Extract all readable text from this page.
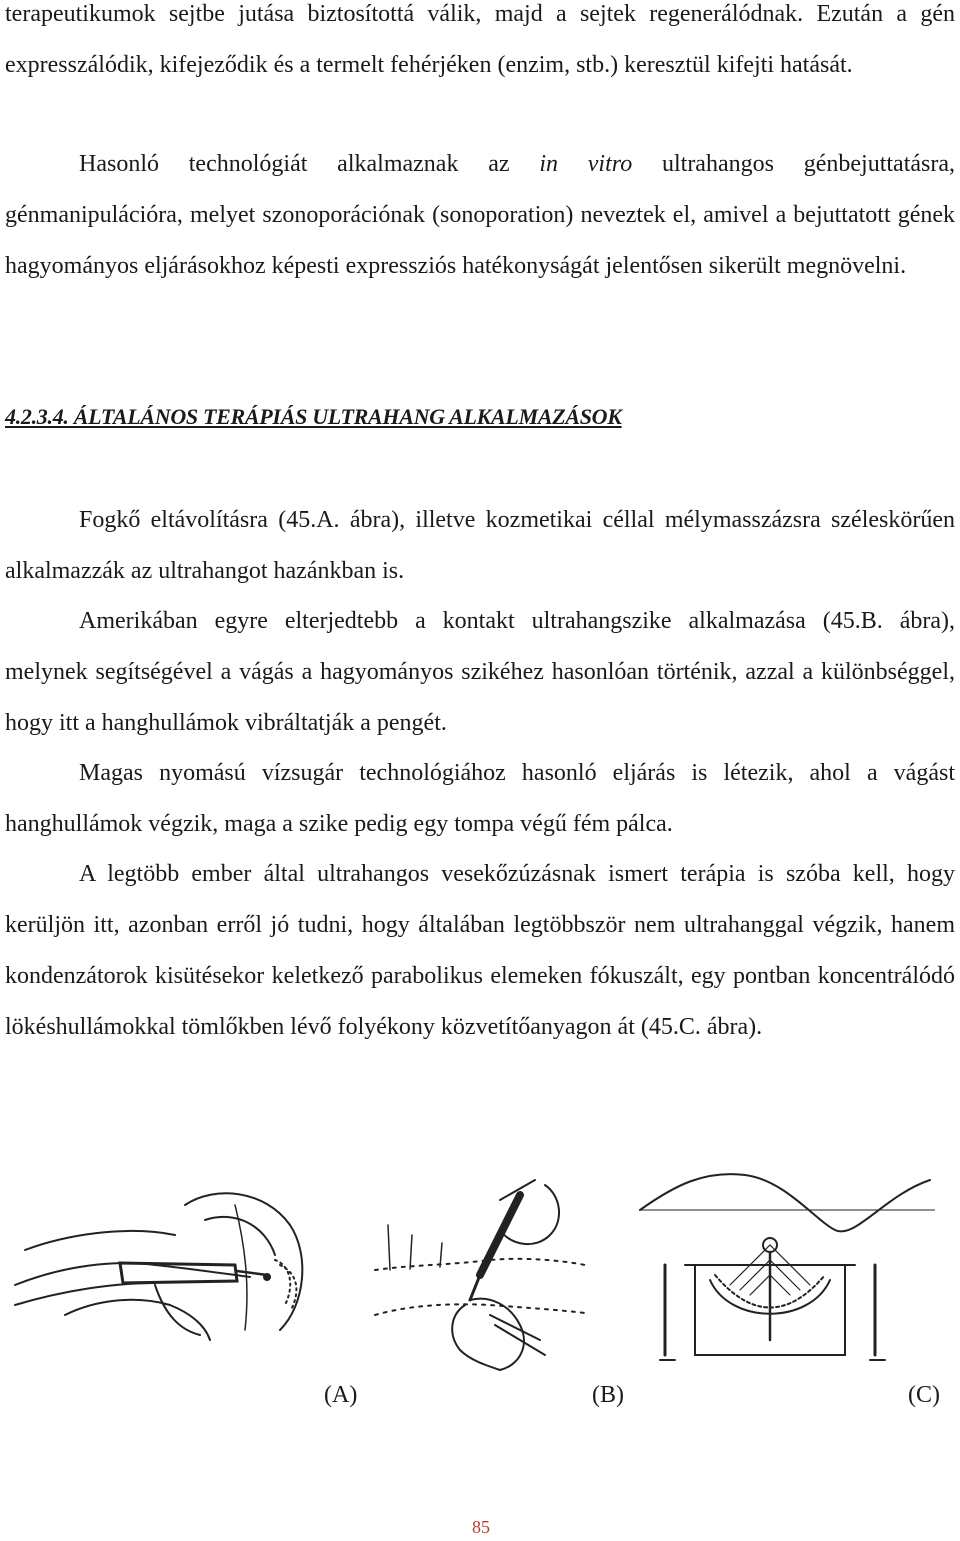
terapeutikumok sejtbe jutása biztosítottá válik, majd a sejtek regenerálódnak. Ezután a gén expresszálódik, kifejeződik és a termelt fehérjéken (enzim, stb.) keresztül kifejti hatását.

Hasonló technológiát alkalmaznak az in vitro ultrahangos génbejuttatásra, génmanipulációra, melyet szonoporációnak (sonoporation) neveztek el, amivel a bejuttatott gének hagyományos eljárásokhoz képesti expressziós hatékonyságát jelentősen sikerült megnövelni.

4.2.3.4. ÁLTALÁNOS TERÁPIÁS ULTRAHANG ALKALMAZÁSOK

Fogkő eltávolításra (45.A. ábra), illetve kozmetikai céllal mélymasszázsra széleskörűen alkalmazzák az ultrahangot hazánkban is.

Amerikában egyre elterjedtebb a kontakt ultrahangszike alkalmazása (45.B. ábra), melynek segítségével a vágás a hagyományos szikéhez hasonlóan történik, azzal a különbséggel, hogy itt a hanghullámok vibráltatják a pengét.

Magas nyomású vízsugár technológiához hasonló eljárás is létezik, ahol a vágást hanghullámok végzik, maga a szike pedig egy tompa végű fém pálca.

A legtöbb ember által ultrahangos vesekőzúzásnak ismert terápia is szóba kell, hogy kerüljön itt, azonban erről jó tudni, hogy általában legtöbbször nem ultrahanggal végzik, hanem kondenzátorok kisütésekor keletkező parabolikus elemeken fókuszált, egy pontban koncentrálódó lökéshullámokkal tömlőkben lévő folyékony közvetítőanyagon át (45.C. ábra).

(A)	(B)	(C)
85
